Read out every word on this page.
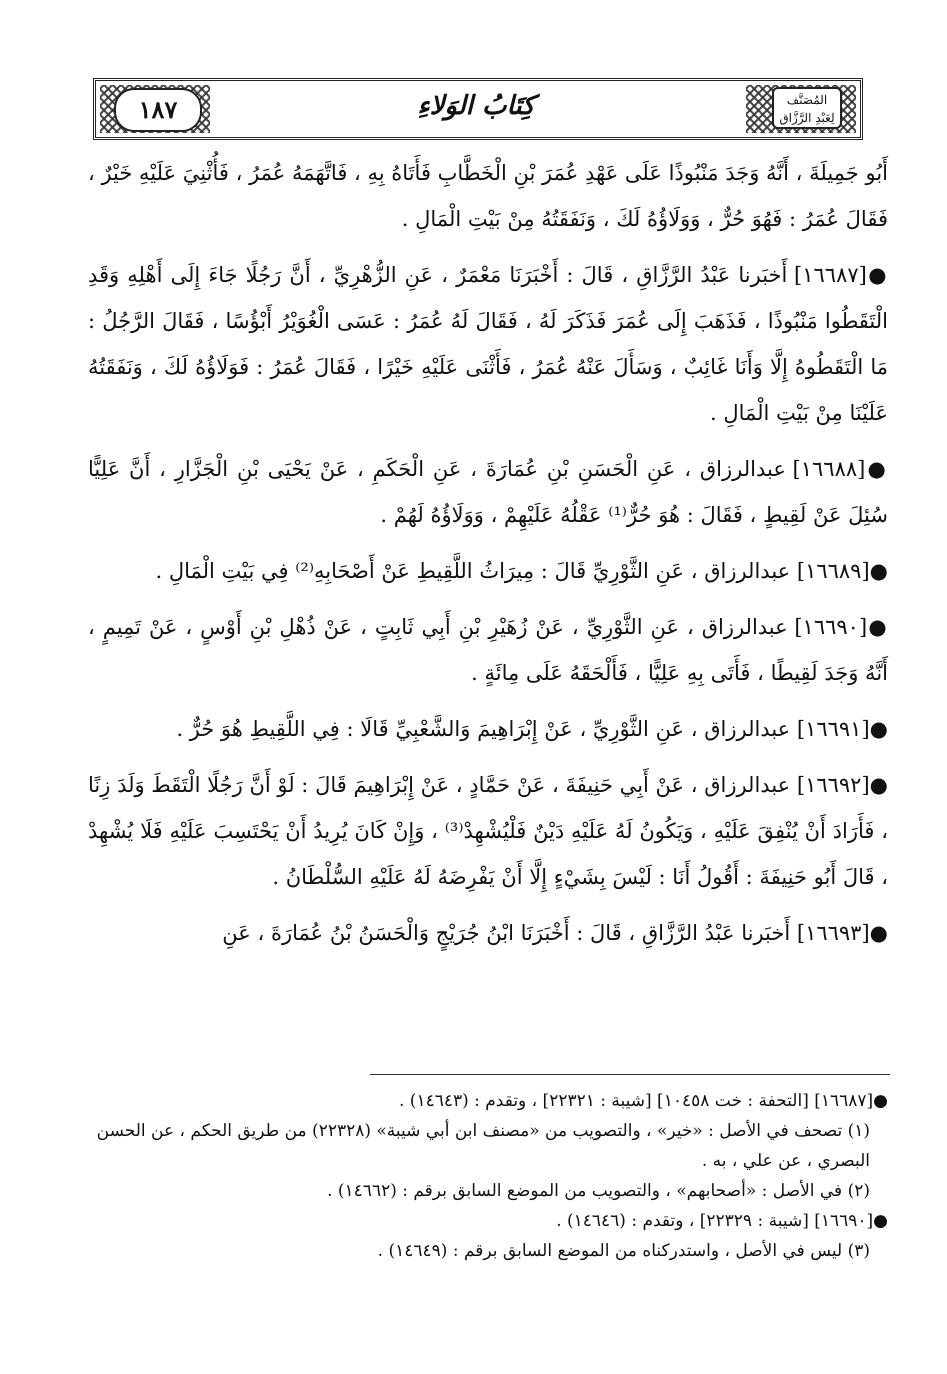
١٨٧	كِتَابُ الوَلاءِ	المُصَنَّف
لِعَبْدِ الرَّزَّاق

أَبُو جَمِيلَةَ ، أَنَّهُ وَجَدَ مَنْبُوذًا عَلَى عَهْدِ عُمَرَ بْنِ الْخَطَّابِ فَأَتَاهُ بِهِ ، فَاتَّهَمَهُ عُمَرُ ، فَأُثْنِيَ عَلَيْهِ خَيْرٌ ، فَقَالَ عُمَرُ : فَهُوَ حُرٌّ ، وَوَلَاؤُهُ لَكَ ، وَنَفَقَتُهُ مِنْ بَيْتِ الْمَالِ .

●[١٦٦٨٧] أَخبَرنا عَبْدُ الرَّزَّاقِ ، قَالَ : أَخْبَرَنَا مَعْمَرٌ ، عَنِ الزُّهْرِيِّ ، أَنَّ رَجُلًا جَاءَ إِلَى أَهْلِهِ وَقَدِ الْتَقَطُوا مَنْبُوذًا ، فَذَهَبَ إِلَى عُمَرَ فَذَكَرَ لَهُ ، فَقَالَ لَهُ عُمَرُ : عَسَى الْغُوَيْرُ أَبْؤُسًا ، فَقَالَ الرَّجُلُ : مَا الْتَقَطُوهُ إِلَّا وَأَنَا غَائِبٌ ، وَسَأَلَ عَنْهُ عُمَرُ ، فَأَثْنَى عَلَيْهِ خَيْرًا ، فَقَالَ عُمَرُ : فَوَلَاؤُهُ لَكَ ، وَنَفَقَتُهُ عَلَيْنَا مِنْ بَيْتِ الْمَالِ .

●[١٦٦٨٨] عبدالرزاق ، عَنِ الْحَسَنِ بْنِ عُمَارَةَ ، عَنِ الْحَكَمِ ، عَنْ يَحْيَى بْنِ الْجَزَّارِ ، أَنَّ عَلِيًّا سُئِلَ عَنْ لَقِيطٍ ، فَقَالَ : هُوَ حُرٌّ⁽¹⁾ عَقْلُهُ عَلَيْهِمْ ، وَوَلَاؤُهُ لَهُمْ .

●[١٦٦٨٩] عبدالرزاق ، عَنِ الثَّوْرِيِّ قَالَ : مِيرَاثُ اللَّقِيطِ عَنْ أَصْحَابِهِ⁽²⁾ فِي بَيْتِ الْمَالِ .

●[١٦٦٩٠] عبدالرزاق ، عَنِ الثَّوْرِيِّ ، عَنْ زُهَيْرِ بْنِ أَبِي ثَابِتٍ ، عَنْ ذُهْلِ بْنِ أَوْسٍ ، عَنْ تَمِيمٍ ، أَنَّهُ وَجَدَ لَقِيطًا ، فَأَتَى بِهِ عَلِيًّا ، فَأَلْحَقَهُ عَلَى مِائَةٍ .

●[١٦٦٩١] عبدالرزاق ، عَنِ الثَّوْرِيِّ ، عَنْ إِبْرَاهِيمَ وَالشَّعْبِيِّ قَالَا : فِي اللَّقِيطِ هُوَ حُرٌّ .

●[١٦٦٩٢] عبدالرزاق ، عَنْ أَبِي حَنِيفَةَ ، عَنْ حَمَّادٍ ، عَنْ إِبْرَاهِيمَ قَالَ : لَوْ أَنَّ رَجُلًا الْتَقَطَ وَلَدَ زِنًا ، فَأَرَادَ أَنْ يُنْفِقَ عَلَيْهِ ، وَيَكُونُ لَهُ عَلَيْهِ دَيْنٌ فَلْيُشْهِدْ⁽³⁾ ، وَإِنْ كَانَ يُرِيدُ أَنْ يَحْتَسِبَ عَلَيْهِ فَلَا يُشْهِدْ ، قَالَ أَبُو حَنِيفَةَ : أَقُولُ أَنَا : لَيْسَ بِشَيْءٍ إِلَّا أَنْ يَفْرِضَهُ لَهُ عَلَيْهِ السُّلْطَانُ .

●[١٦٦٩٣] أَخبَرنا عَبْدُ الرَّزَّاقِ ، قَالَ : أَخْبَرَنَا ابْنُ جُرَيْجٍ وَالْحَسَنُ بْنُ عُمَارَةَ ، عَنِ

●[١٦٦٨٧] [التحفة : خت ١٠٤٥٨] [شيبة : ٢٢٣٢١] ، وتقدم : (١٤٦٤٣) .

(١) تصحف في الأصل : «خير» ، والتصويب من «مصنف ابن أبي شيبة» (٢٢٣٢٨) من طريق الحكم ، عن الحسن البصري ، عن علي ، به .

(٢) في الأصل : «أصحابهم» ، والتصويب من الموضع السابق برقم : (١٤٦٦٢) .

●[١٦٦٩٠] [شيبة : ٢٢٣٢٩] ، وتقدم : (١٤٦٤٦) .

(٣) ليس في الأصل ، واستدركناه من الموضع السابق برقم : (١٤٦٤٩) .
